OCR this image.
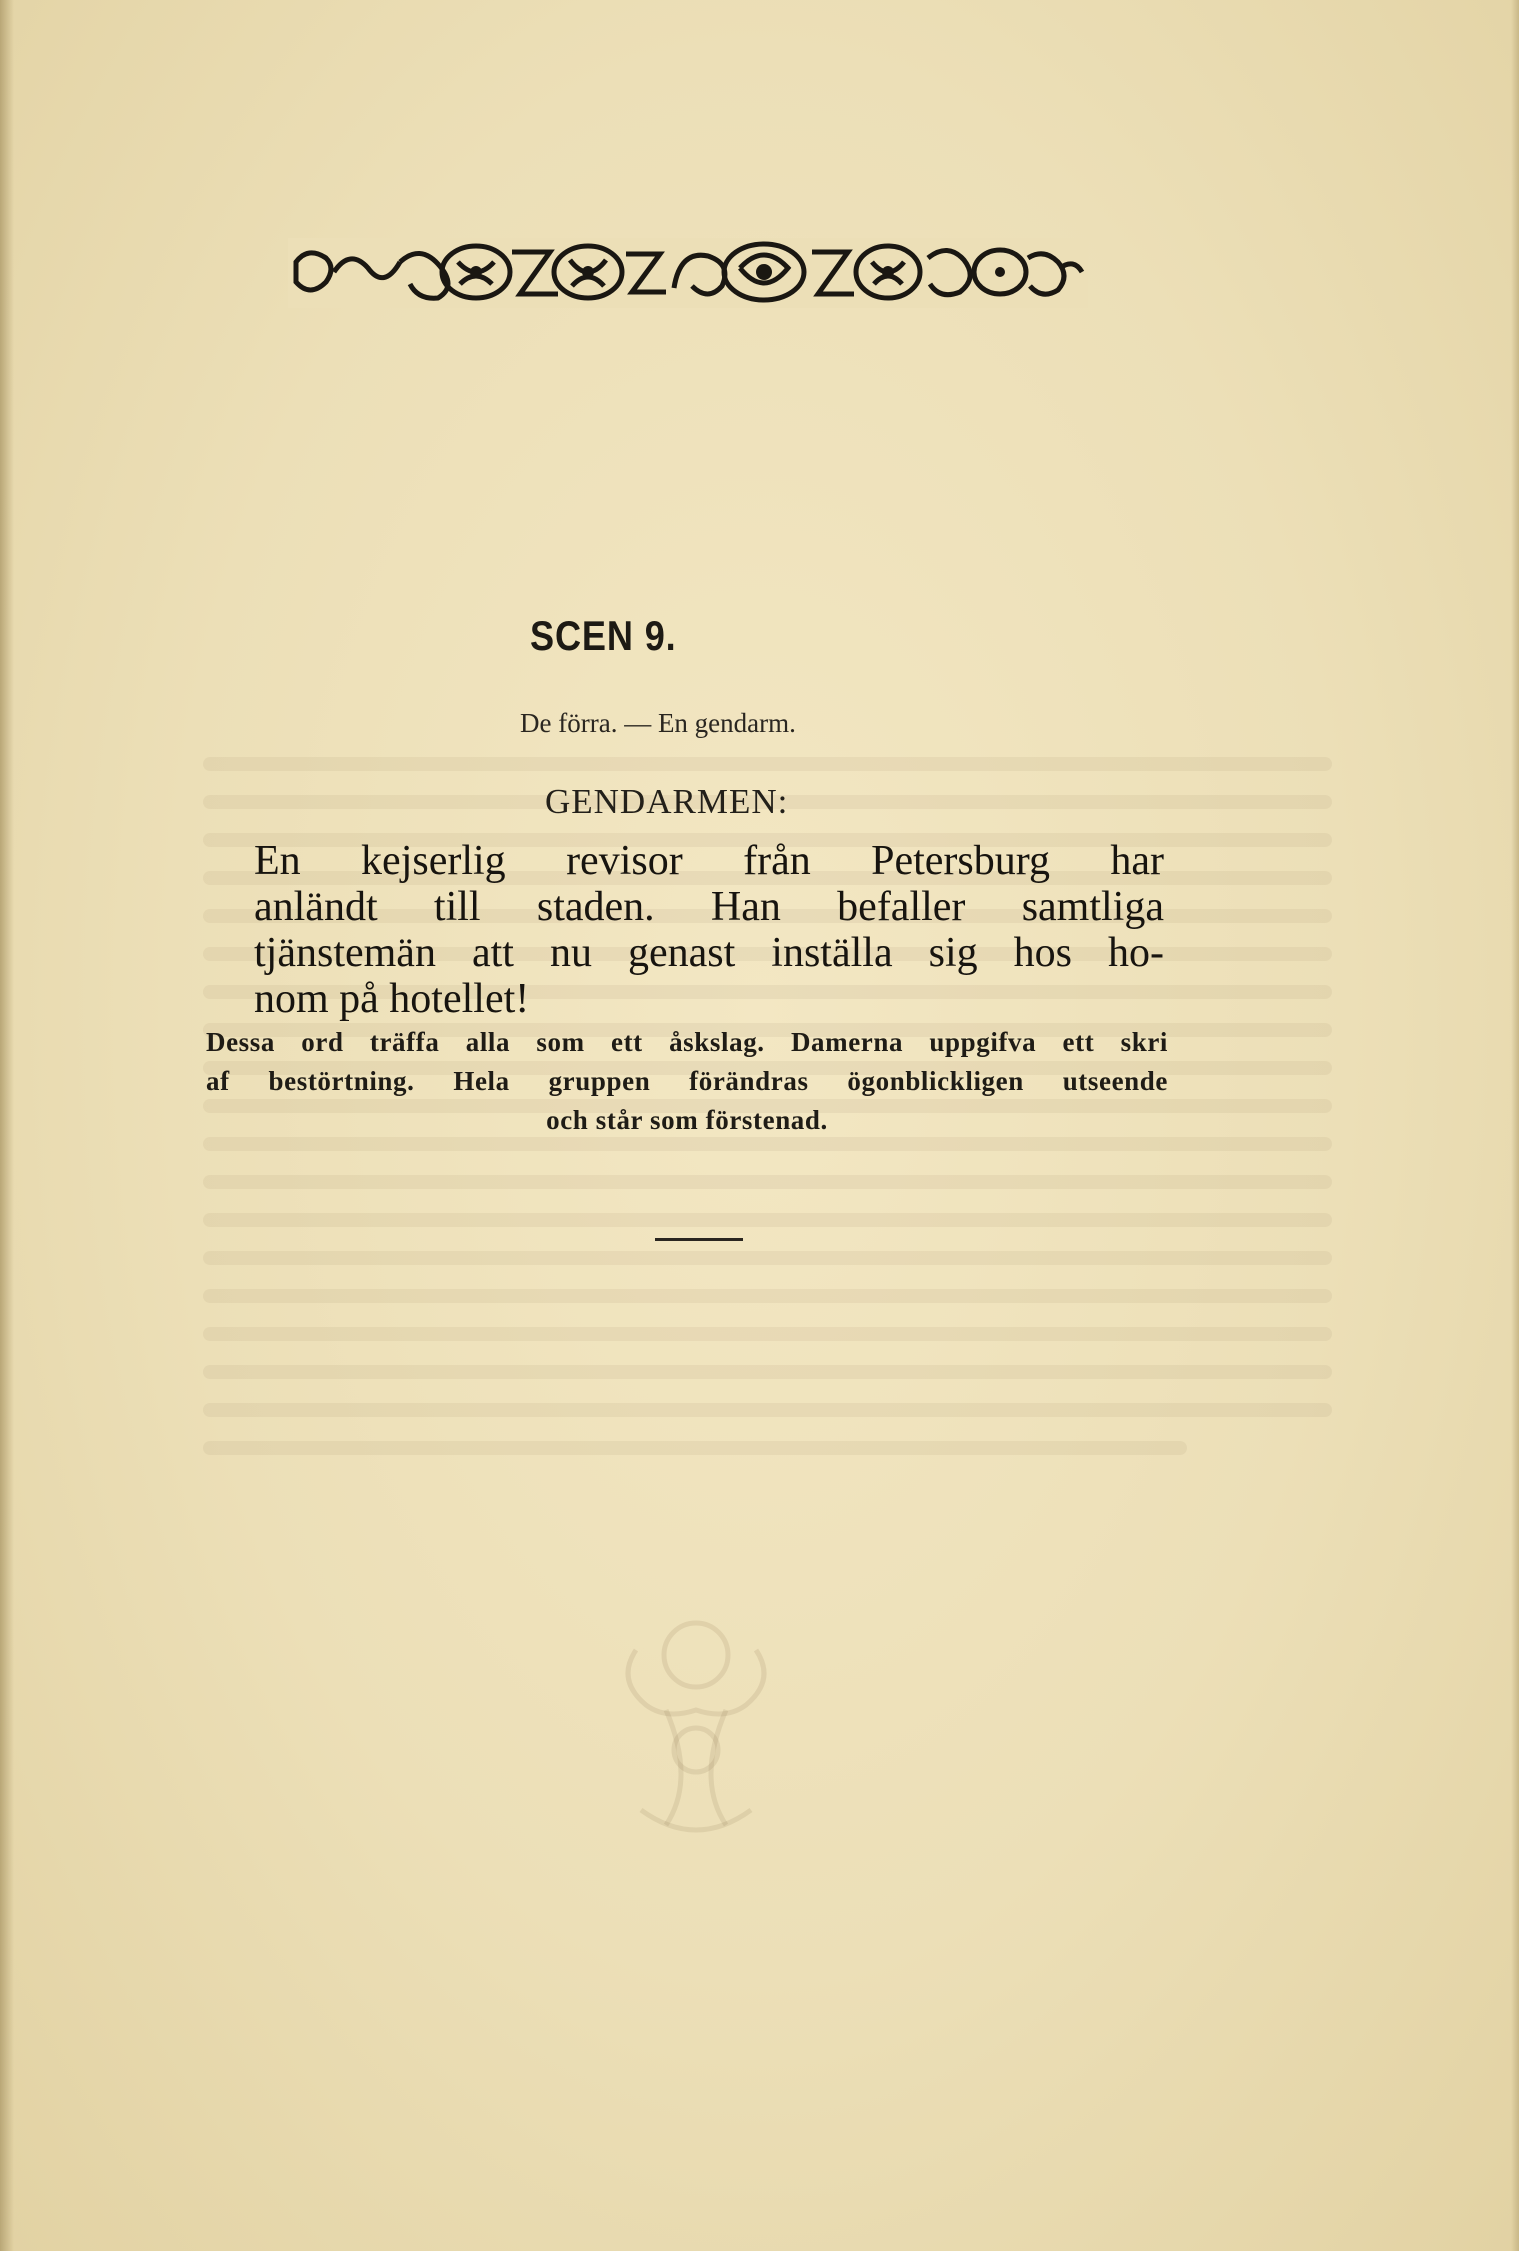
SCEN 9.
De förra. — En gendarm.
GENDARMEN:
En kejserlig revisor från Petersburg har
anländt till staden. Han befaller samtliga
tjänstemän att nu genast inställa sig hos ho-
nom på hotellet!
Dessa ord träffa alla som ett åskslag. Damerna uppgifva ett skri
af bestörtning. Hela gruppen förändras ögonblickligen utseende
och står som förstenad.
